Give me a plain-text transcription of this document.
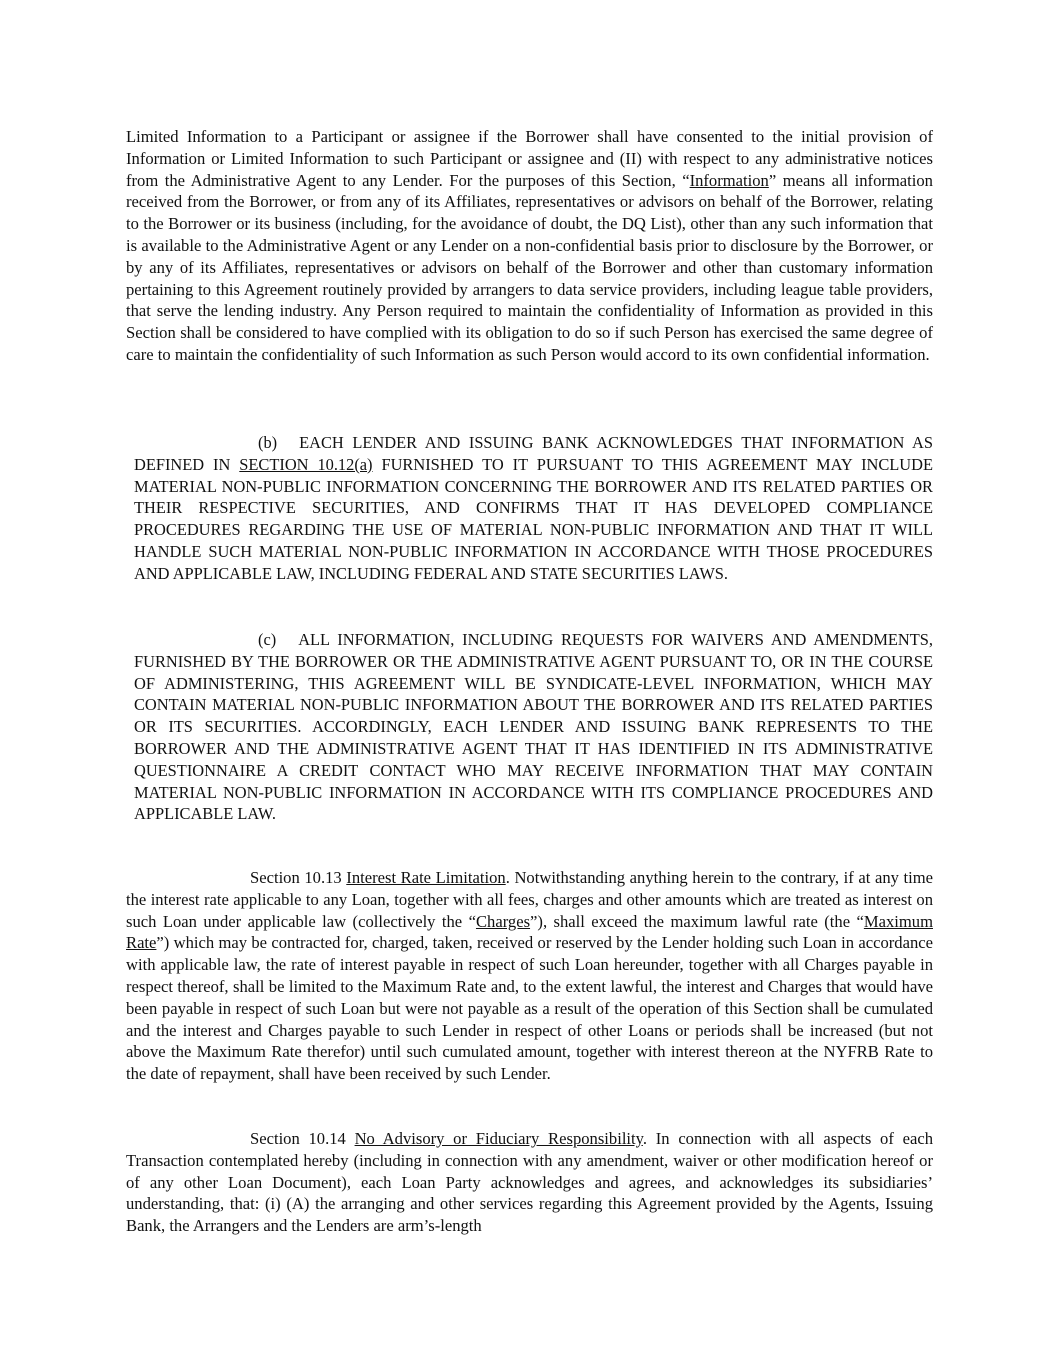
Limited Information to a Participant or assignee if the Borrower shall have consented to the initial provision of Information or Limited Information to such Participant or assignee and (II) with respect to any administrative notices from the Administrative Agent to any Lender. For the purposes of this Section, “Information” means all information received from the Borrower, or from any of its Affiliates, representatives or advisors on behalf of the Borrower, relating to the Borrower or its business (including, for the avoidance of doubt, the DQ List), other than any such information that is available to the Administrative Agent or any Lender on a non-confidential basis prior to disclosure by the Borrower, or by any of its Affiliates, representatives or advisors on behalf of the Borrower and other than customary information pertaining to this Agreement routinely provided by arrangers to data service providers, including league table providers, that serve the lending industry. Any Person required to maintain the confidentiality of Information as provided in this Section shall be considered to have complied with its obligation to do so if such Person has exercised the same degree of care to maintain the confidentiality of such Information as such Person would accord to its own confidential information.

(b) EACH LENDER AND ISSUING BANK ACKNOWLEDGES THAT INFORMATION AS DEFINED IN SECTION 10.12(a) FURNISHED TO IT PURSUANT TO THIS AGREEMENT MAY INCLUDE MATERIAL NON-PUBLIC INFORMATION CONCERNING THE BORROWER AND ITS RELATED PARTIES OR THEIR RESPECTIVE SECURITIES, AND CONFIRMS THAT IT HAS DEVELOPED COMPLIANCE PROCEDURES REGARDING THE USE OF MATERIAL NON-PUBLIC INFORMATION AND THAT IT WILL HANDLE SUCH MATERIAL NON-PUBLIC INFORMATION IN ACCORDANCE WITH THOSE PROCEDURES AND APPLICABLE LAW, INCLUDING FEDERAL AND STATE SECURITIES LAWS.

(c) ALL INFORMATION, INCLUDING REQUESTS FOR WAIVERS AND AMENDMENTS, FURNISHED BY THE BORROWER OR THE ADMINISTRATIVE AGENT PURSUANT TO, OR IN THE COURSE OF ADMINISTERING, THIS AGREEMENT WILL BE SYNDICATE-LEVEL INFORMATION, WHICH MAY CONTAIN MATERIAL NON-PUBLIC INFORMATION ABOUT THE BORROWER AND ITS RELATED PARTIES OR ITS SECURITIES. ACCORDINGLY, EACH LENDER AND ISSUING BANK REPRESENTS TO THE BORROWER AND THE ADMINISTRATIVE AGENT THAT IT HAS IDENTIFIED IN ITS ADMINISTRATIVE QUESTIONNAIRE A CREDIT CONTACT WHO MAY RECEIVE INFORMATION THAT MAY CONTAIN MATERIAL NON-PUBLIC INFORMATION IN ACCORDANCE WITH ITS COMPLIANCE PROCEDURES AND APPLICABLE LAW.

Section 10.13 Interest Rate Limitation. Notwithstanding anything herein to the contrary, if at any time the interest rate applicable to any Loan, together with all fees, charges and other amounts which are treated as interest on such Loan under applicable law (collectively the “Charges”), shall exceed the maximum lawful rate (the “Maximum Rate”) which may be contracted for, charged, taken, received or reserved by the Lender holding such Loan in accordance with applicable law, the rate of interest payable in respect of such Loan hereunder, together with all Charges payable in respect thereof, shall be limited to the Maximum Rate and, to the extent lawful, the interest and Charges that would have been payable in respect of such Loan but were not payable as a result of the operation of this Section shall be cumulated and the interest and Charges payable to such Lender in respect of other Loans or periods shall be increased (but not above the Maximum Rate therefor) until such cumulated amount, together with interest thereon at the NYFRB Rate to the date of repayment, shall have been received by such Lender.

Section 10.14 No Advisory or Fiduciary Responsibility. In connection with all aspects of each Transaction contemplated hereby (including in connection with any amendment, waiver or other modification hereof or of any other Loan Document), each Loan Party acknowledges and agrees, and acknowledges its subsidiaries’ understanding, that: (i) (A) the arranging and other services regarding this Agreement provided by the Agents, Issuing Bank, the Arrangers and the Lenders are arm’s-length
